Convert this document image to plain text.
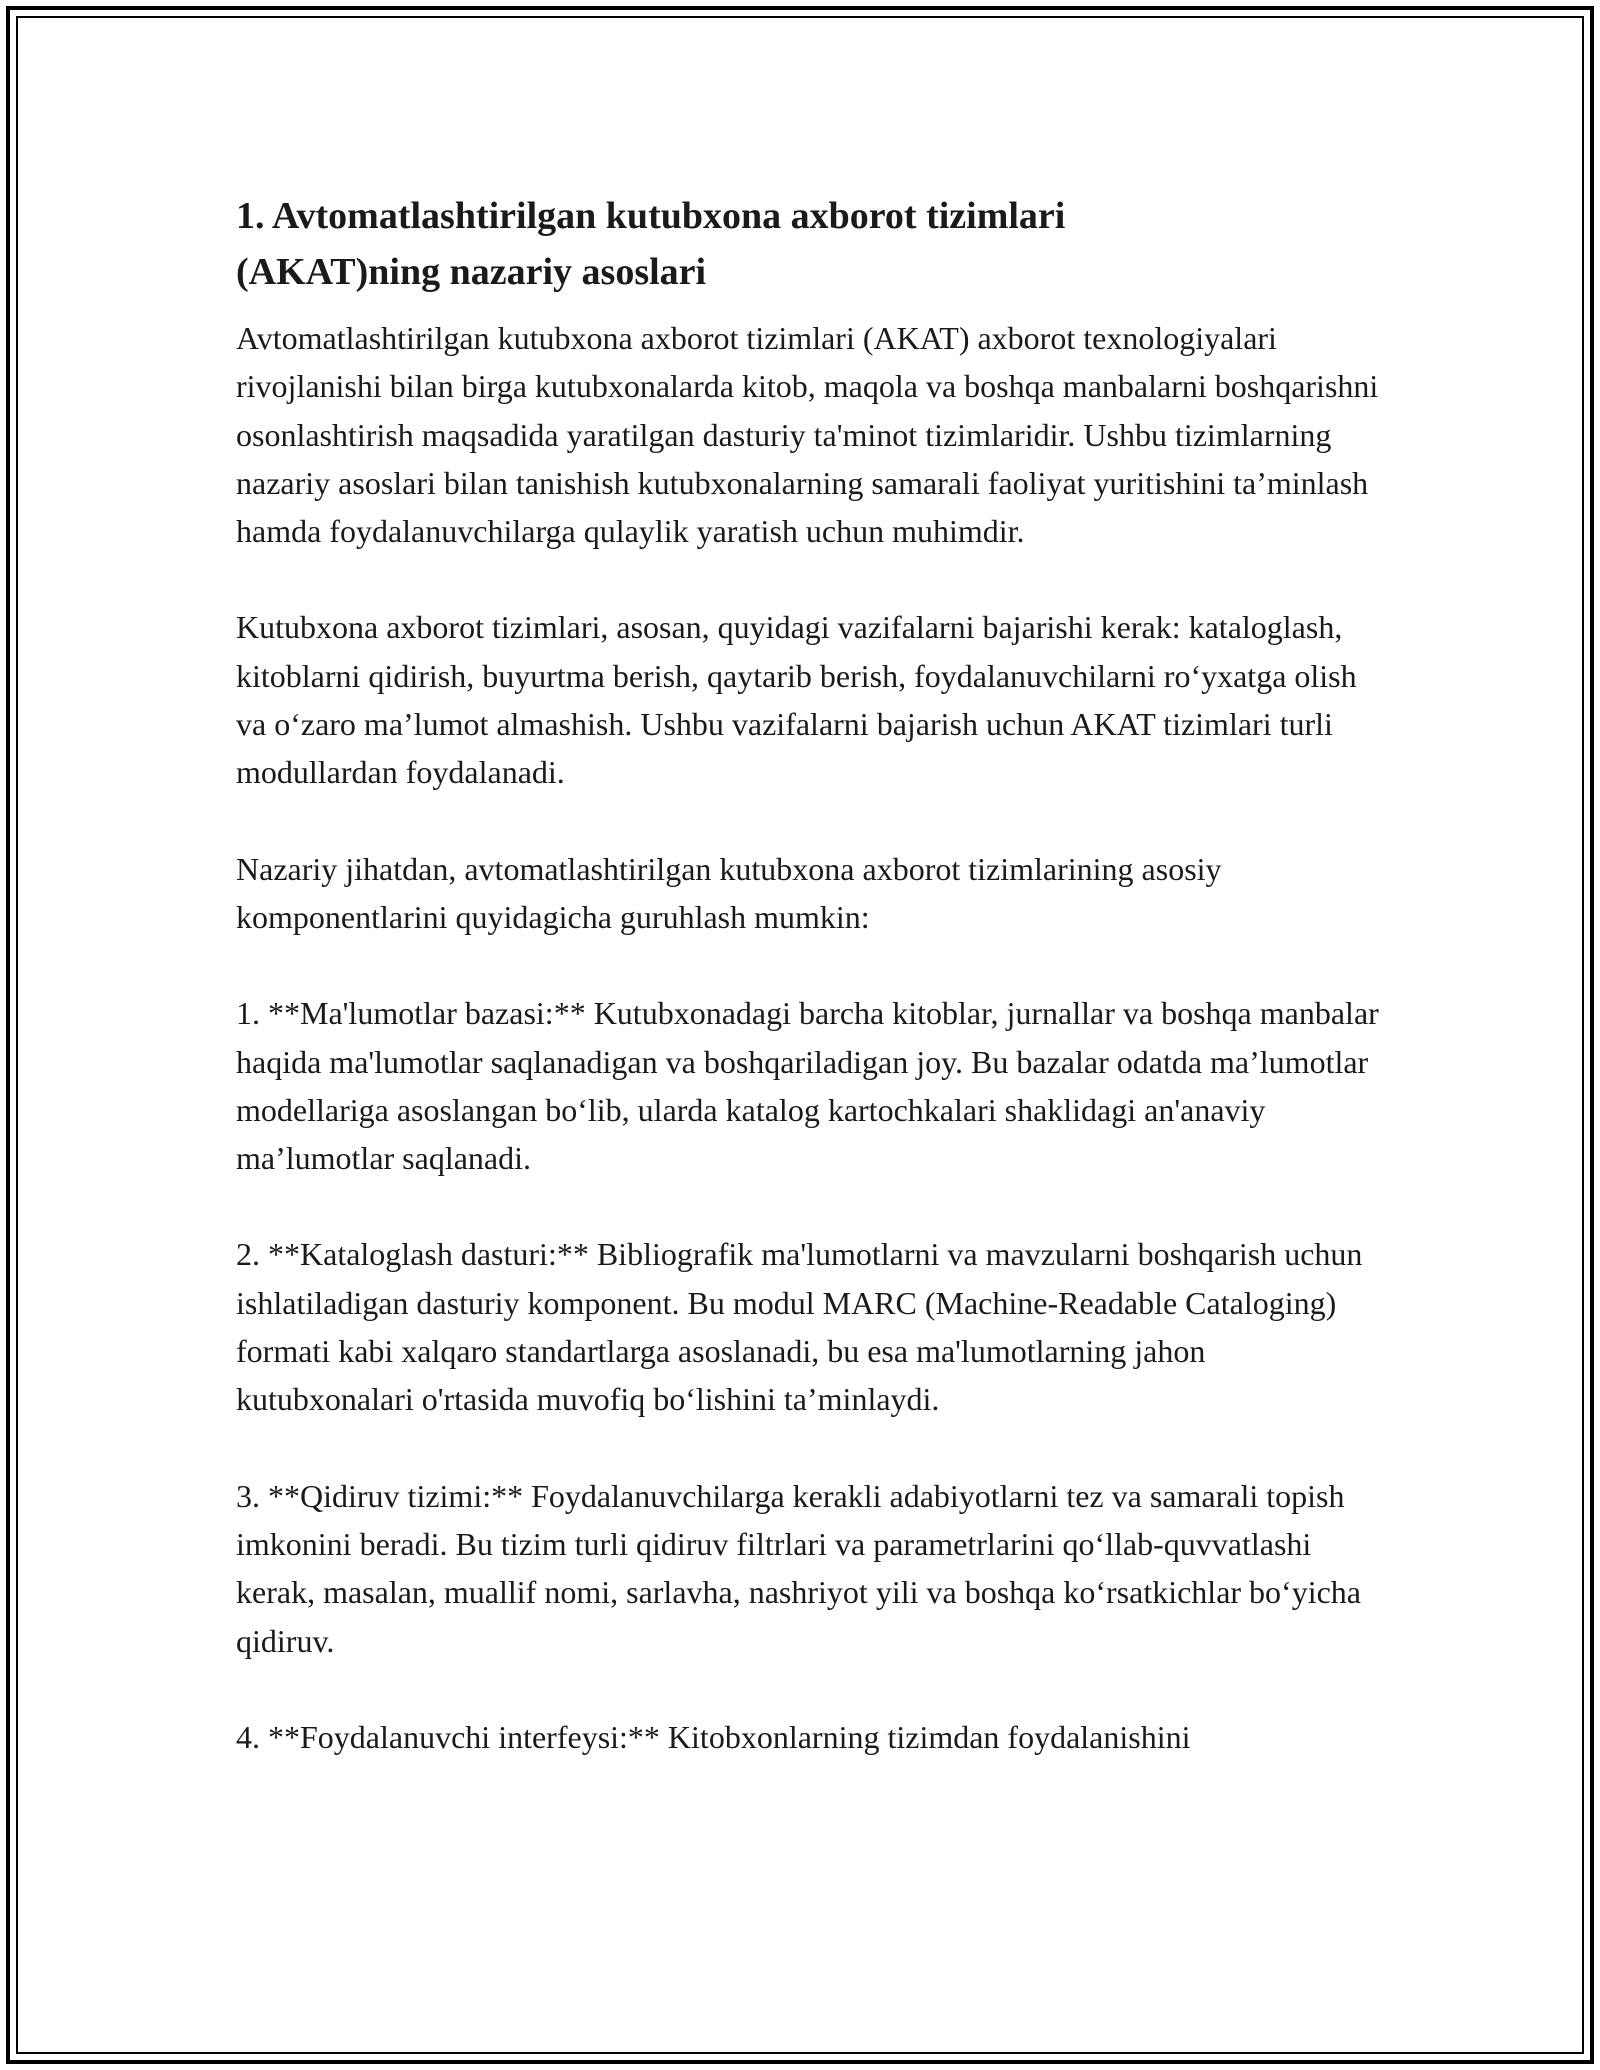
1. Avtomatlashtirilgan kutubxona axborot tizimlari (AKAT)ning nazariy asoslari

Avtomatlashtirilgan kutubxona axborot tizimlari (AKAT) axborot texnologiyalari rivojlanishi bilan birga kutubxonalarda kitob, maqola va boshqa manbalarni boshqarishni osonlashtirish maqsadida yaratilgan dasturiy ta'minot tizimlaridir. Ushbu tizimlarning nazariy asoslari bilan tanishish kutubxonalarning samarali faoliyat yuritishini ta’minlash hamda foydalanuvchilarga qulaylik yaratish uchun muhimdir.

Kutubxona axborot tizimlari, asosan, quyidagi vazifalarni bajarishi kerak: kataloglash, kitoblarni qidirish, buyurtma berish, qaytarib berish, foydalanuvchilarni ro‘yxatga olish va o‘zaro ma’lumot almashish. Ushbu vazifalarni bajarish uchun AKAT tizimlari turli modullardan foydalanadi.

Nazariy jihatdan, avtomatlashtirilgan kutubxona axborot tizimlarining asosiy komponentlarini quyidagicha guruhlash mumkin:

1. **Ma'lumotlar bazasi:** Kutubxonadagi barcha kitoblar, jurnallar va boshqa manbalar haqida ma'lumotlar saqlanadigan va boshqariladigan joy. Bu bazalar odatda ma’lumotlar modellariga asoslangan bo‘lib, ularda katalog kartochkalari shaklidagi an'anaviy ma’lumotlar saqlanadi.

2. **Kataloglash dasturi:** Bibliografik ma'lumotlarni va mavzularni boshqarish uchun ishlatiladigan dasturiy komponent. Bu modul MARC (Machine-Readable Cataloging) formati kabi xalqaro standartlarga asoslanadi, bu esa ma'lumotlarning jahon kutubxonalari o'rtasida muvofiq bo‘lishini ta’minlaydi.

3. **Qidiruv tizimi:** Foydalanuvchilarga kerakli adabiyotlarni tez va samarali topish imkonini beradi. Bu tizim turli qidiruv filtrlari va parametrlarini qo‘llab-quvvatlashi kerak, masalan, muallif nomi, sarlavha, nashriyot yili va boshqa ko‘rsatkichlar bo‘yicha qidiruv.

4. **Foydalanuvchi interfeysi:** Kitobxonlarning tizimdan foydalanishini
